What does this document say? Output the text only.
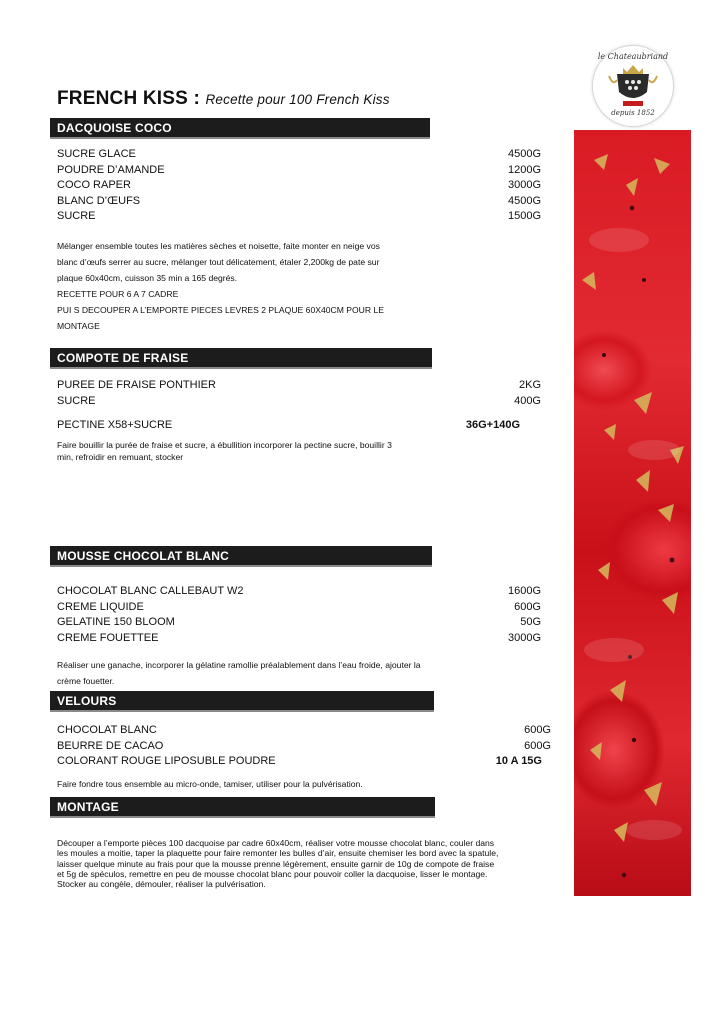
le Chateaubriand
depuis 1852
FRENCH KISS : Recette pour 100 French Kiss
DACQUOISE COCO
SUCRE GLACE	4500G
POUDRE D’AMANDE	1200G
COCO RAPER	3000G
BLANC D’ŒUFS	4500G
SUCRE	1500G
Mélanger ensemble toutes les matières sèches et noisette, faite monter en neige vos
blanc d’œufs serrer au sucre, mélanger tout délicatement, étaler 2,200kg de pate sur
plaque 60x40cm, cuisson 35 min a 165 degrés.
RECETTE POUR 6 A 7 CADRE
PUI S DECOUPER A L’EMPORTE PIECES LEVRES 2 PLAQUE 60X40CM POUR LE
MONTAGE
COMPOTE DE FRAISE
PUREE DE FRAISE PONTHIER	2KG
SUCRE	400G
PECTINE X58+SUCRE	36G+140G
Faire bouillir la purée de fraise et sucre, a ébullition incorporer la pectine sucre, bouillir 3
min, refroidir en remuant, stocker
MOUSSE CHOCOLAT BLANC
CHOCOLAT BLANC CALLEBAUT W2	1600G
CREME LIQUIDE	600G
GELATINE 150 BLOOM	50G
CREME FOUETTEE	3000G
Réaliser une ganache, incorporer la gélatine ramollie préalablement dans l’eau froide, ajouter la
crème fouetter.
VELOURS
CHOCOLAT BLANC	600G
BEURRE DE CACAO	600G
COLORANT ROUGE LIPOSUBLE POUDRE	10 A 15G
Faire fondre tous ensemble au micro-onde, tamiser, utiliser pour la pulvérisation.
MONTAGE
Découper a l’emporte pièces 100 dacquoise par cadre 60x40cm, réaliser votre mousse chocolat blanc, couler dans
les moules a moitie, taper la plaquette pour faire remonter les bulles d’air, ensuite chemiser les bord avec la spatule,
laisser quelque minute au frais pour que la mousse prenne légèrement, ensuite garnir de 10g de compote de fraise
et 5g de spéculos, remettre en peu de mousse chocolat blanc pour pouvoir coller la dacquoise, lisser le montage.
Stocker au congèle, démouler, réaliser la pulvérisation.
